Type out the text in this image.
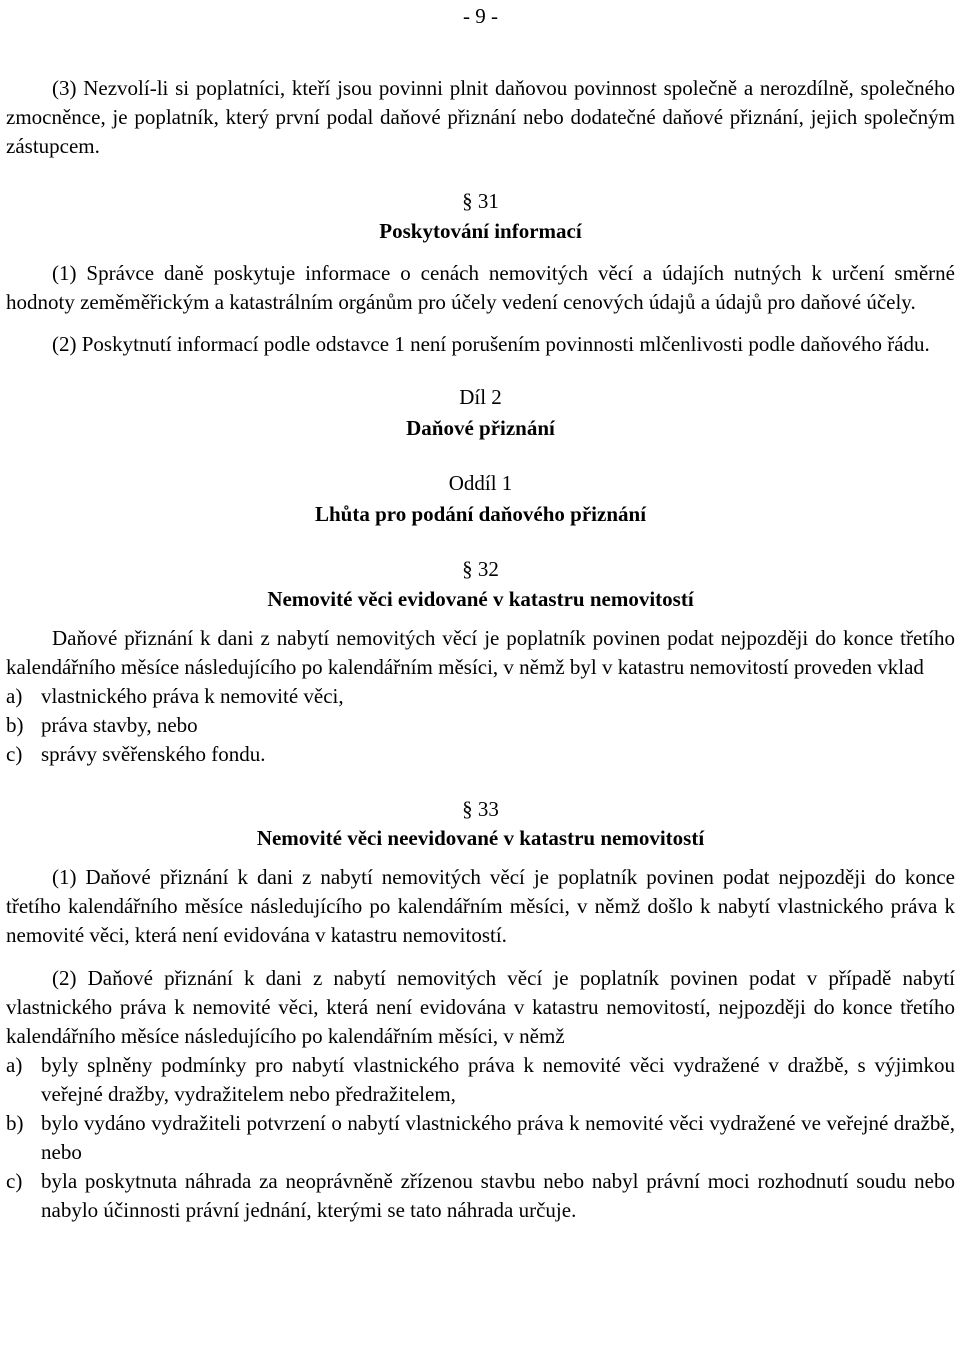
- 9 -

(3) Nezvolí-li si poplatníci, kteří jsou povinni plnit daňovou povinnost společně a nerozdílně, společného zmocněnce, je poplatník, který první podal daňové přiznání nebo dodatečné daňové přiznání, jejich společným zástupcem.

§ 31
Poskytování informací

(1) Správce daně poskytuje informace o cenách nemovitých věcí a údajích nutných k určení směrné hodnoty zeměměřickým a katastrálním orgánům pro účely vedení cenových údajů a údajů pro daňové účely.

(2) Poskytnutí informací podle odstavce 1 není porušením povinnosti mlčenlivosti podle daňového řádu.

Díl 2
Daňové přiznání
Oddíl 1
Lhůta pro podání daňového přiznání
§ 32
Nemovité věci evidované v katastru nemovitostí

Daňové přiznání k dani z nabytí nemovitých věcí je poplatník povinen podat nejpozději do konce třetího kalendářního měsíce následujícího po kalendářním měsíci, v němž byl v katastru nemovitostí proveden vklad

a) vlastnického práva k nemovité věci,
b) práva stavby, nebo
c) správy svěřenského fondu.
§ 33
Nemovité věci neevidované v katastru nemovitostí

(1) Daňové přiznání k dani z nabytí nemovitých věcí je poplatník povinen podat nejpozději do konce třetího kalendářního měsíce následujícího po kalendářním měsíci, v němž došlo k nabytí vlastnického práva k nemovité věci, která není evidována v katastru nemovitostí.

(2) Daňové přiznání k dani z nabytí nemovitých věcí je poplatník povinen podat v případě nabytí vlastnického práva k nemovité věci, která není evidována v katastru nemovitostí, nejpozději do konce třetího kalendářního měsíce následujícího po kalendářním měsíci, v němž

a) byly splněny podmínky pro nabytí vlastnického práva k nemovité věci vydražené v dražbě, s výjimkou veřejné dražby, vydražitelem nebo předražitelem,
b) bylo vydáno vydražiteli potvrzení o nabytí vlastnického práva k nemovité věci vydražené ve veřejné dražbě, nebo
c) byla poskytnuta náhrada za neoprávněně zřízenou stavbu nebo nabyl právní moci rozhodnutí soudu nebo nabylo účinnosti právní jednání, kterými se tato náhrada určuje.
